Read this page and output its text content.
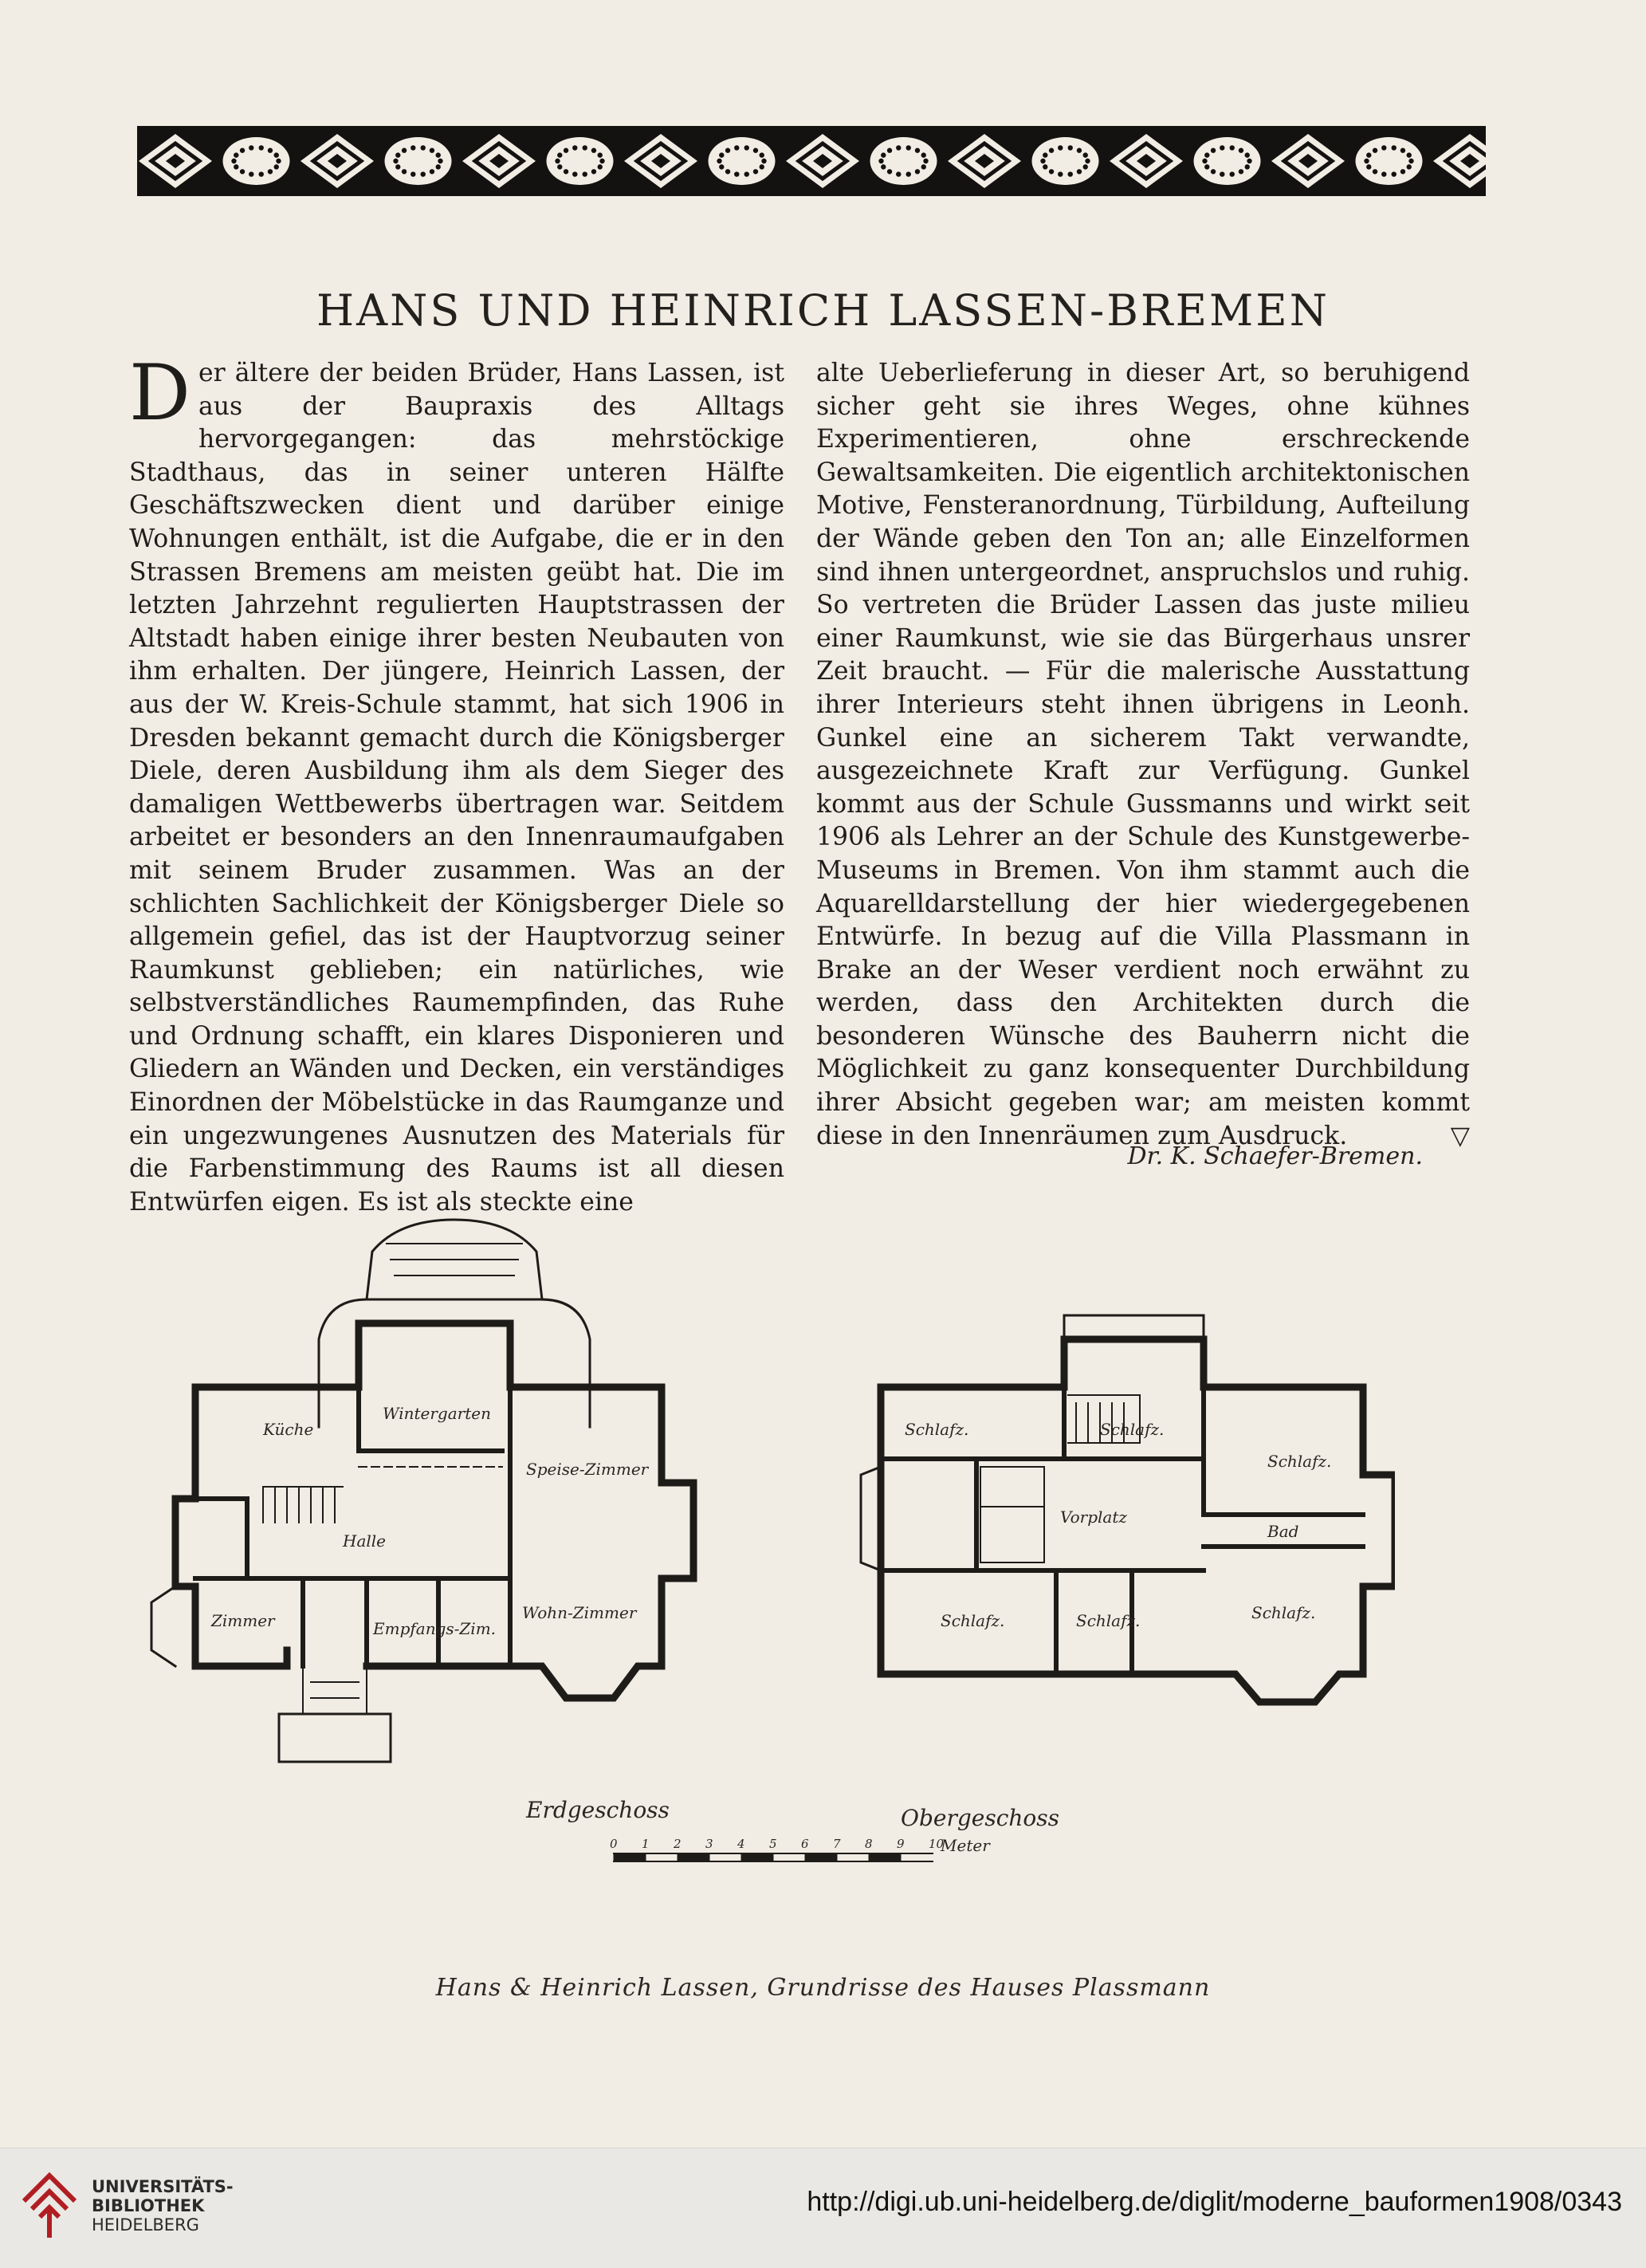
HANS UND HEINRICH LASSEN-BREMEN

Der ältere der beiden Brüder, Hans Lassen, ist aus der Baupraxis des Alltags hervorgegangen: das mehrstöckige Stadthaus, das in seiner unteren Hälfte Geschäftszwecken dient und darüber einige Wohnungen enthält, ist die Aufgabe, die er in den Strassen Bremens am meisten geübt hat. Die im letzten Jahrzehnt regulierten Hauptstrassen der Altstadt haben einige ihrer besten Neubauten von ihm erhalten. Der jüngere, Heinrich Lassen, der aus der W. Kreis-Schule stammt, hat sich 1906 in Dresden bekannt gemacht durch die Königsberger Diele, deren Ausbildung ihm als dem Sieger des damaligen Wettbewerbs übertragen war. Seitdem arbeitet er besonders an den Innenraumaufgaben mit seinem Bruder zusammen. Was an der schlichten Sachlichkeit der Königsberger Diele so allgemein gefiel, das ist der Hauptvorzug seiner Raumkunst geblieben; ein natürliches, wie selbstverständliches Raumempfinden, das Ruhe und Ordnung schafft, ein klares Disponieren und Gliedern an Wänden und Decken, ein verständiges Einordnen der Möbelstücke in das Raumganze und ein ungezwungenes Ausnutzen des Materials für die Farbenstimmung des Raums ist all diesen Entwürfen eigen. Es ist als steckte eine

alte Ueberlieferung in dieser Art, so beruhigend sicher geht sie ihres Weges, ohne kühnes Experimentieren, ohne erschreckende Gewaltsamkeiten. Die eigentlich architektonischen Motive, Fensteranordnung, Türbildung, Aufteilung der Wände geben den Ton an; alle Einzelformen sind ihnen untergeordnet, anspruchslos und ruhig. So vertreten die Brüder Lassen das juste milieu einer Raumkunst, wie sie das Bürgerhaus unsrer Zeit braucht. — Für die malerische Ausstattung ihrer Interieurs steht ihnen übrigens in Leonh. Gunkel eine an sicherem Takt verwandte, ausgezeichnete Kraft zur Verfügung. Gunkel kommt aus der Schule Gussmanns und wirkt seit 1906 als Lehrer an der Schule des Kunstgewerbe-Museums in Bremen. Von ihm stammt auch die Aquarelldarstellung der hier wiedergegebenen Entwürfe. In bezug auf die Villa Plassmann in Brake an der Weser verdient noch erwähnt zu werden, dass den Architekten durch die besonderen Wünsche des Bauherrn nicht die Möglichkeit zu ganz konsequenter Durchbildung ihrer Absicht gegeben war; am meisten kommt diese in den Innenräumen zum Ausdruck.	▽

Dr. K. Schaefer-Bremen.
Küche
Wintergarten
Speise-Zimmer
Halle
Zimmer	Empfangs-Zim.
Wohn-Zimmer
Erdgeschoss
Schlafz.	Schlafz.
Schlafz.
Vorplatz
Bad
Schlafz.	Schlafz.	Schlafz.
Obergeschoss
0 1 2 3 4 5 6 7 8 9 10
Meter
Hans & Heinrich Lassen, Grundrisse des Hauses Plassmann
UNIVERSITÄTS-
BIBLIOTHEK
HEIDELBERG
http://digi.ub.uni-heidelberg.de/diglit/moderne_bauformen1908/0343
